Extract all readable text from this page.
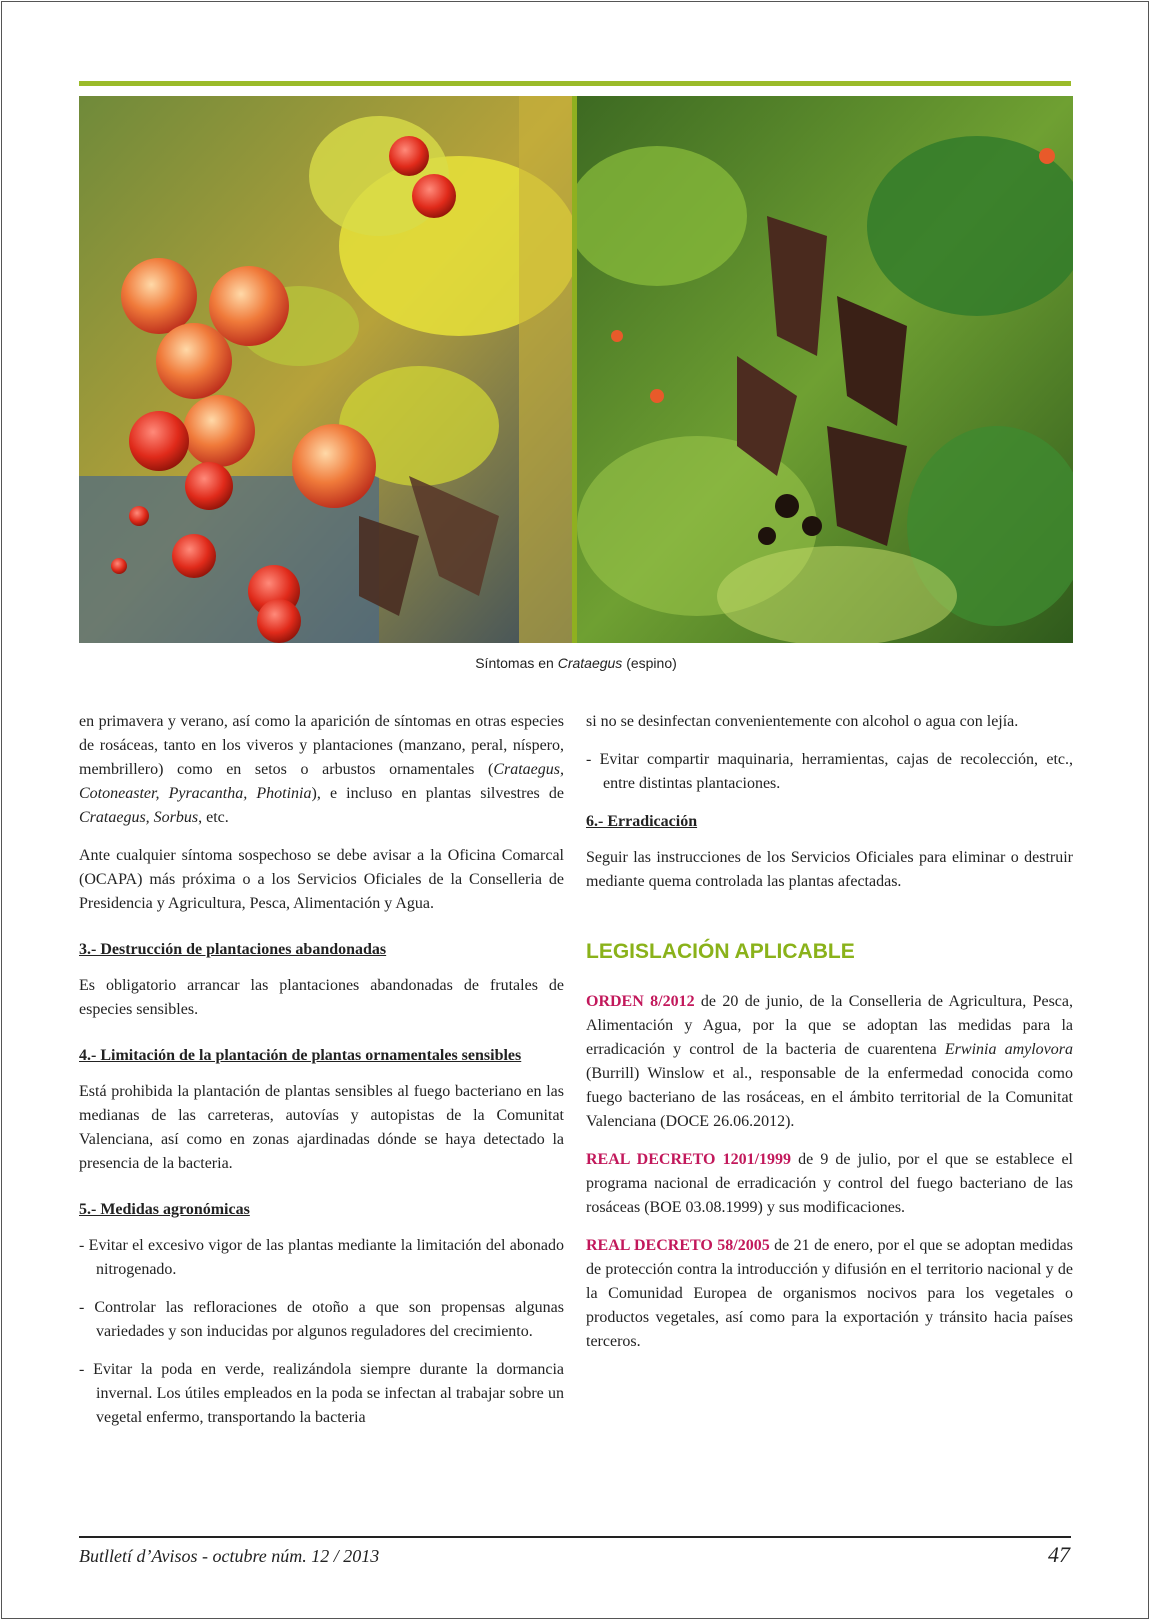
Síntomas en Crataegus (espino)

en primavera y verano, así como la aparición de síntomas en otras especies de rosáceas, tanto en los viveros y plantaciones (manzano, peral, níspero, membrillero) como en setos o arbustos ornamentales (Crataegus, Cotoneaster, Pyracantha, Photinia), e incluso en plantas silvestres de Crataegus, Sorbus, etc.

Ante cualquier síntoma sospechoso se debe avisar a la Oficina Comarcal (OCAPA) más próxima o a los Servicios Oficiales de la Conselleria de Presidencia y Agricultura, Pesca, Alimentación y Agua.

3.- Destrucción de plantaciones abandonadas

Es obligatorio arrancar las plantaciones abandonadas de frutales de especies sensibles.

4.- Limitación de la plantación de plantas ornamentales sensibles

Está prohibida la plantación de plantas sensibles al fuego bacteriano en las medianas de las carreteras, autovías y autopistas de la Comunitat Valenciana, así como en zonas ajardinadas dónde se haya detectado la presencia de la bacteria.

5.- Medidas agronómicas

- Evitar el excesivo vigor de las plantas mediante la limitación del abonado nitrogenado.

- Controlar las refloraciones de otoño a que son propensas algunas variedades y son inducidas por algunos reguladores del crecimiento.

- Evitar la poda en verde, realizándola siempre durante la dormancia invernal. Los útiles empleados en la poda se infectan al trabajar sobre un vegetal enfermo, transportando la bacteria

si no se desinfectan convenientemente con alcohol o agua con lejía.

- Evitar compartir maquinaria, herramientas, cajas de recolección, etc., entre distintas plantaciones.

6.- Erradicación

Seguir las instrucciones de los Servicios Oficiales para eliminar o destruir mediante quema controlada las plantas afectadas.

LEGISLACIÓN APLICABLE

ORDEN 8/2012 de 20 de junio, de la Conselleria de Agricultura, Pesca, Alimentación y Agua, por la que se adoptan las medidas para la erradicación y control de la bacteria de cuarentena Erwinia amylovora (Burrill) Winslow et al., responsable de la enfermedad conocida como fuego bacteriano de las rosáceas, en el ámbito territorial de la Comunitat Valenciana (DOCE 26.06.2012).

REAL DECRETO 1201/1999 de 9 de julio, por el que se establece el programa nacional de erradicación y control del fuego bacteriano de las rosáceas (BOE 03.08.1999) y sus modificaciones.

REAL DECRETO 58/2005 de 21 de enero, por el que se adoptan medidas de protección contra la introducción y difusión en el territorio nacional y de la Comunidad Europea de organismos nocivos para los vegetales o productos vegetales, así como para la exportación y tránsito hacia países terceros.

Butlletí d’Avisos - octubre núm. 12 / 2013	47
